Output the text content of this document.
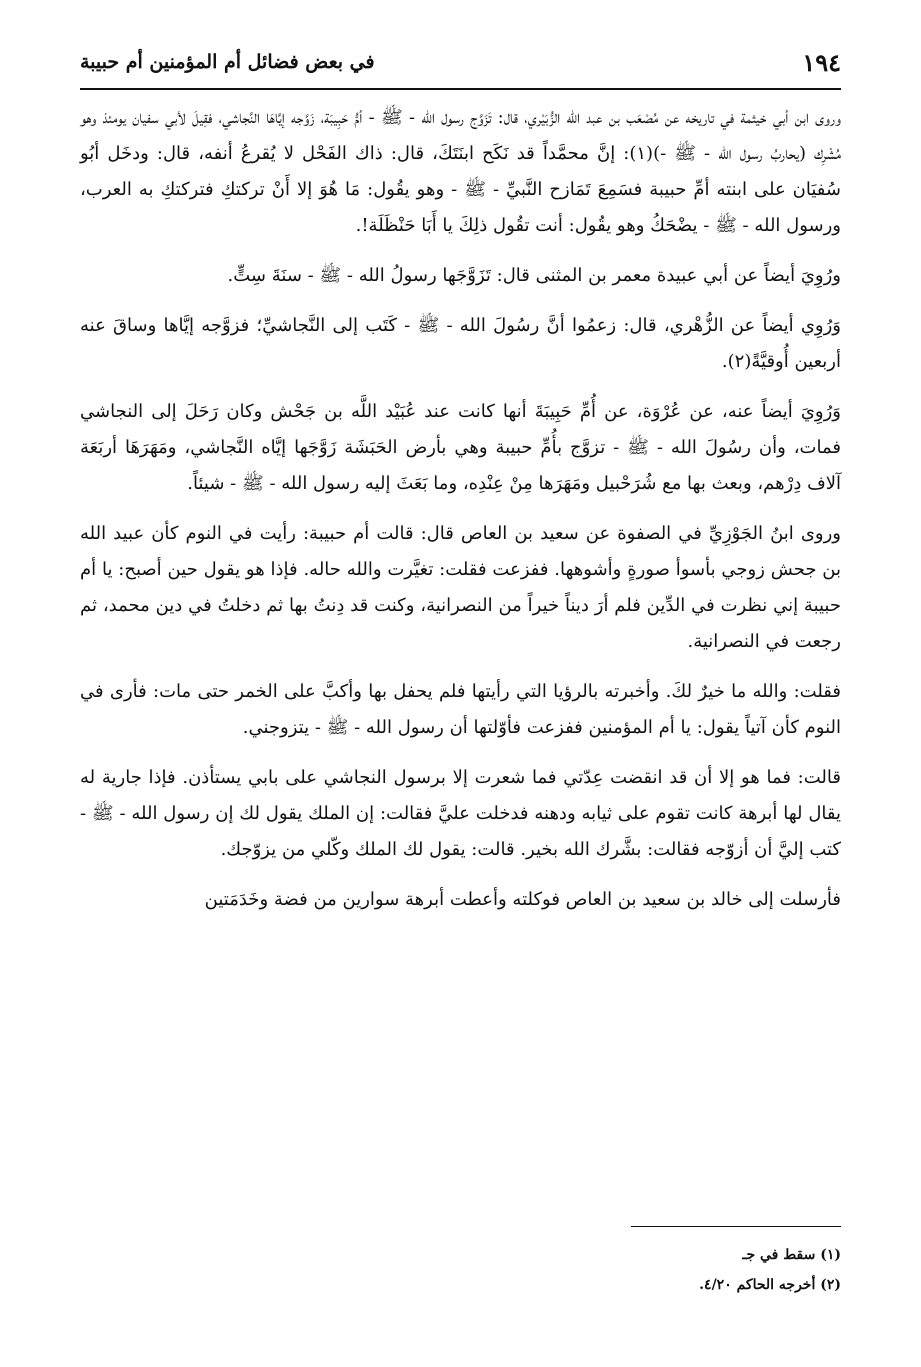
١٩٤
في بعض فضائل أم المؤمنين أم حبيبة

وروى ابن أبي خيثمة في تاريخه عن مُصْعَب بن عبد الله الزُّبَيْري، قال: تَزَوَّج رسول الله - ﷺ - أمُّ حَبِيبَة، زَوَّجه إيَّاهَا النَّجاشي، فقِيلَ لأبي سفيان يومئذ وهو مُشْرِك (يحاربُ رسول الله - ﷺ -)(١): إنَّ محمَّداً قد نَكَح ابنَتَكَ، قال: ذاك الفَحْل لا يُقرعُ أنفه، قال: ودخَل أبُو سُفيَان على ابنته أمِّ حبيبة فسَمِعَ تَمَازح النَّبيِّ - ﷺ - وهو يقُول: مَا هُوَ إلا أَنْ تركتكِ فتركتكِ به العرب، ورسول الله - ﷺ - يضْحَكُ وهو يقُول: أنت تقُول ذلِكَ يا أَبَا حَنْظَلَة!.

ورُوِيَ أيضاً عن أبي عبيدة معمر بن المثنى قال: تَزَوَّجَها رسولُ الله - ﷺ - سنَةَ سِتٍّ.

وَرُوِي أيضاً عن الزُّهْري، قال: زعمُوا أنَّ رسُولَ الله - ﷺ - كَتَب إلى النَّجاشيِّ؛ فزوَّجه إيَّاها وساقَ عنه أربعين أُوقيَّةً(٢).

وَرُوِيَ أيضاً عنه، عن عُرْوَة، عن أُمِّ حَبِيبَةَ أنها كانت عند عُبَيْد اللَّه بن جَحْش وكان رَحَلَ إلى النجاشي فمات، وأن رسُولَ الله - ﷺ - تزوَّج بأُمِّ حبيبة وهي بأرض الحَبَشَة زَوَّجَها إيَّاه النَّجاشي، ومَهَرَهَا أربَعَة آلاف دِرْهم، وبعث بها مع شُرَحْبيل ومَهَرَها مِنْ عِنْدِه، وما بَعَثَ إليه رسول الله - ﷺ - شيئاً.

وروى ابنُ الجَوْزِيِّ في الصفوة عن سعيد بن العاص قال: قالت أم حبيبة: رأيت في النوم كأن عبيد الله بن جحش زوجي بأسوأ صورةٍ وأشوهها. ففزعت فقلت: تغيَّرت والله حاله. فإذا هو يقول حين أصبح: يا أم حبيبة إني نظرت في الدِّين فلم أرَ ديناً خيراً من النصرانية، وكنت قد دِنتُ بها ثم دخلتُ في دين محمد، ثم رجعت في النصرانية.

فقلت: والله ما خيرٌ لكَ. وأخبرته بالرؤيا التي رأيتها فلم يحفل بها وأكبَّ على الخمر حتى مات: فأرى في النوم كأن آتياً يقول: يا أم المؤمنين ففزعت فأوّلتها أن رسول الله - ﷺ - يتزوجني.

قالت: فما هو إلا أن قد انقضت عِدّتي فما شعرت إلا برسول النجاشي على بابي يستأذن. فإذا جارية له يقال لها أبرهة كانت تقوم على ثيابه ودهنه فدخلت عليَّ فقالت: إن الملك يقول لك إن رسول الله - ﷺ - كتب إليَّ أن أزوّجه فقالت: بشَّرك الله بخير. قالت: يقول لك الملك وكّلي من يزوّجك.

فأرسلت إلى خالد بن سعيد بن العاص فوكلته وأعطت أبرهة سوارين من فضة وخَدَمَتين

(١) سقط في جـ
(٢) أخرجه الحاكم ٤/٢٠.
